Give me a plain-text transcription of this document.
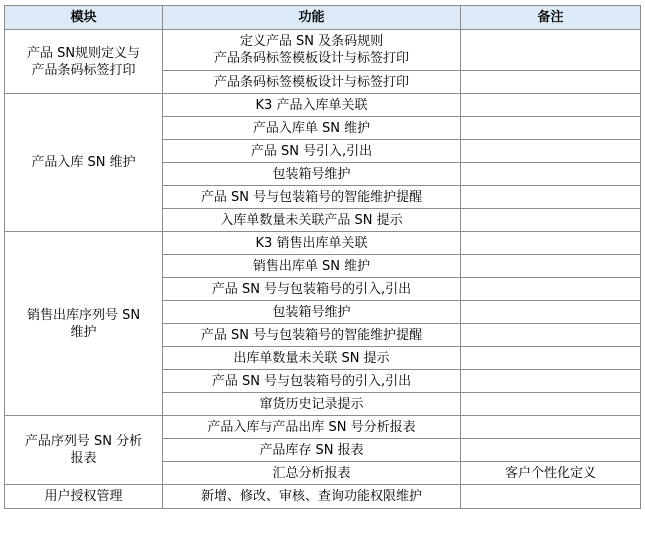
模块	功能	备注

产品 SN规则定义与
产品条码标签打印	定义产品 SN 及条码规则
产品条码标签模板设计与标签打印	

	产品条码标签模板设计与标签打印	

产品入库 SN 维护	K3 产品入库单关联	
	产品入库单 SN 维护	
	产品 SN 号引入,引出	
	包装箱号维护	
	产品 SN 号与包装箱号的智能维护提醒	
	入库单数量未关联产品 SN 提示	

销售出库序列号 SN
维护	K3 销售出库单关联	
	销售出库单 SN 维护	
	产品 SN 号与包装箱号的引入,引出	
	包装箱号维护	
	产品 SN 号与包装箱号的智能维护提醒	
	出库单数量未关联 SN 提示	
	产品 SN 号与包装箱号的引入,引出	
	窜货历史记录提示	

产品序列号 SN 分析
报表	产品入库与产品出库 SN 号分析报表	
	产品库存 SN 报表	
	汇总分析报表	客户个性化定义

用户授权管理	新增、修改、审核、查询功能权限维护	
